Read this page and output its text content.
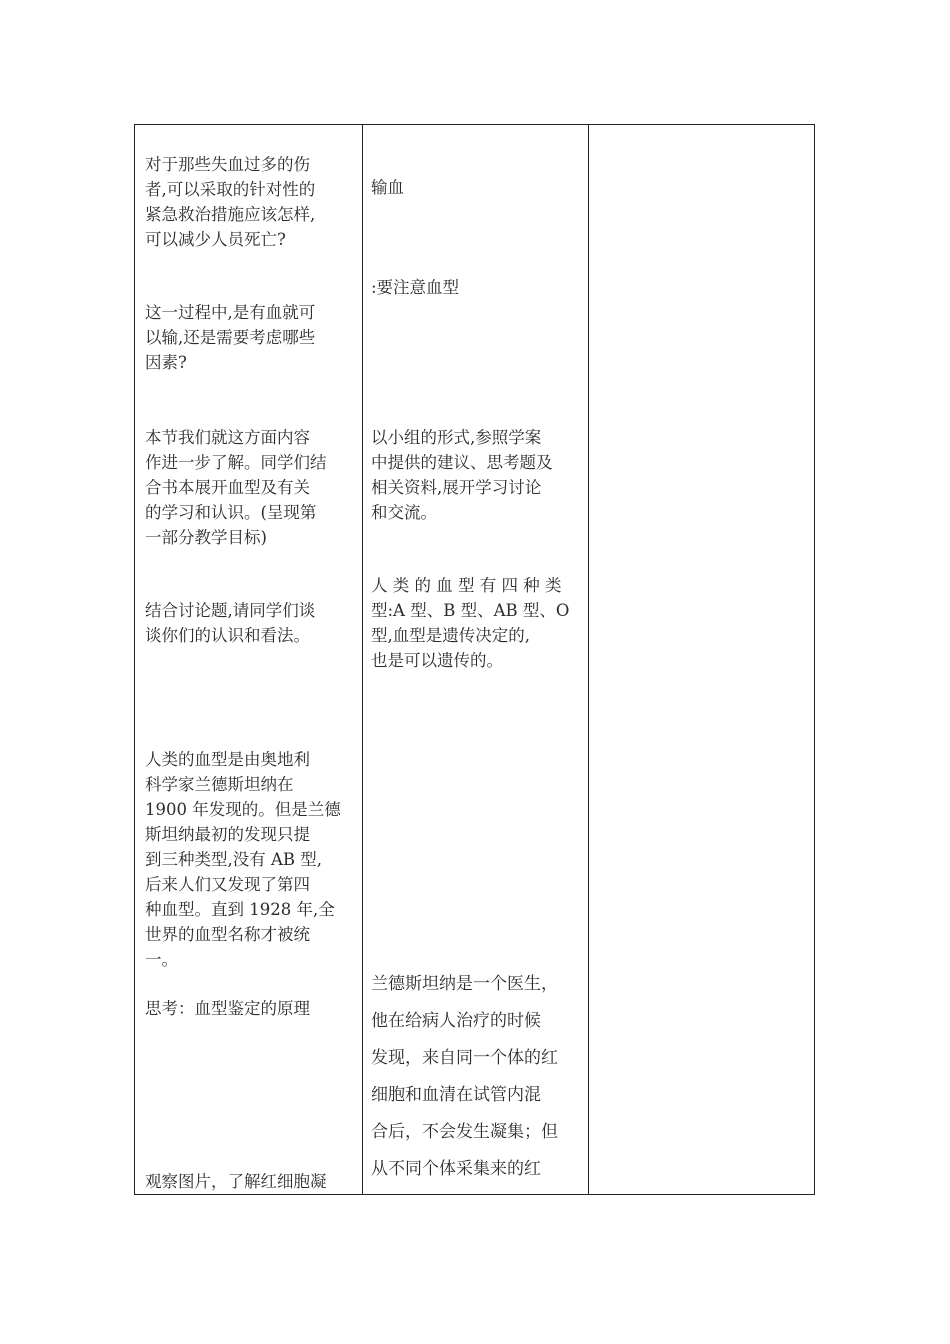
对于那些失血过多的伤
者,可以采取的针对性的
紧急救治措施应该怎样,
可以减少人员死亡?
这一过程中,是有血就可
以输,还是需要考虑哪些
因素?
本节我们就这方面内容
作进一步了解。同学们结
合书本展开血型及有关
的学习和认识。(呈现第
一部分教学目标)
结合讨论题,请同学们谈
谈你们的认识和看法。
人类的血型是由奥地利
科学家兰德斯坦纳在
1900 年发现的。但是兰德
斯坦纳最初的发现只提
到三种类型,没有 AB 型,
后来人们又发现了第四
种血型。直到 1928 年,全
世界的血型名称才被统
一。
思考：血型鉴定的原理
观察图片，了解红细胞凝
输血
:要注意血型
以小组的形式,参照学案
中提供的建议、思考题及
相关资料,展开学习讨论
和交流。
人 类 的 血 型 有 四 种 类
型:A 型、B 型、AB 型、O
型,血型是遗传决定的,
也是可以遗传的。
兰德斯坦纳是一个医生，
他在给病人治疗的时候
发现，来自同一个体的红
细胞和血清在试管内混
合后，不会发生凝集；但
从不同个体采集来的红
